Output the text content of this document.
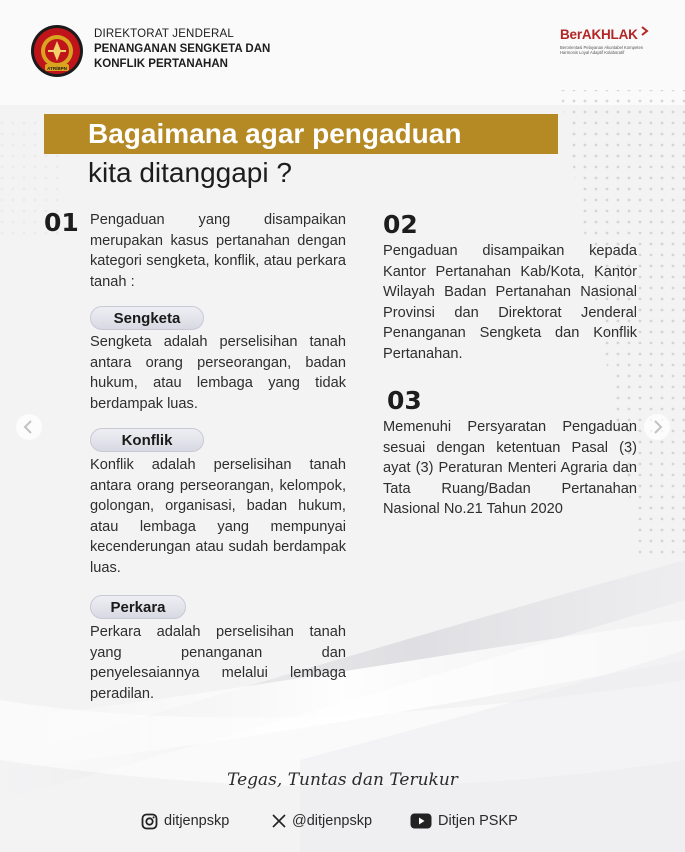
ATR/BPN
DIREKTORAT JENDERAL
PENANGANAN SENGKETA DAN
KONFLIK PERTANAHAN
BerAKHLAK
Berorientasi Pelayanan Akuntabel Kompeten Harmonis Loyal Adaptif Kolaboratif
Bagaimana agar pengaduan
kita ditanggapi ?
01 Pengaduan yang disampaikan merupakan kasus pertanahan dengan kategori sengketa, konflik, atau perkara tanah :
Sengketa
Sengketa adalah perselisihan tanah antara orang perseorangan, badan hukum, atau lembaga yang tidak berdampak luas.
Konflik
Konflik adalah perselisihan tanah antara orang perseorangan, kelompok, golongan, organisasi, badan hukum, atau lembaga yang mempunyai kecenderungan atau sudah berdampak luas.
Perkara
Perkara adalah perselisihan tanah yang penanganan dan penyelesaiannya melalui lembaga peradilan.
02
Pengaduan disampaikan kepada Kantor Pertanahan Kab/Kota, Kantor Wilayah Badan Pertanahan Nasional Provinsi dan Direktorat Jenderal Penanganan Sengketa dan Konflik Pertanahan.
03
Memenuhi Persyaratan Pengaduan sesuai dengan ketentuan Pasal (3) ayat (3) Peraturan Menteri Agraria dan Tata Ruang/Badan Pertanahan Nasional No.21 Tahun 2020
Tegas, Tuntas dan Terukur
ditjenpskp	@ditjenpskp	Ditjen PSKP
